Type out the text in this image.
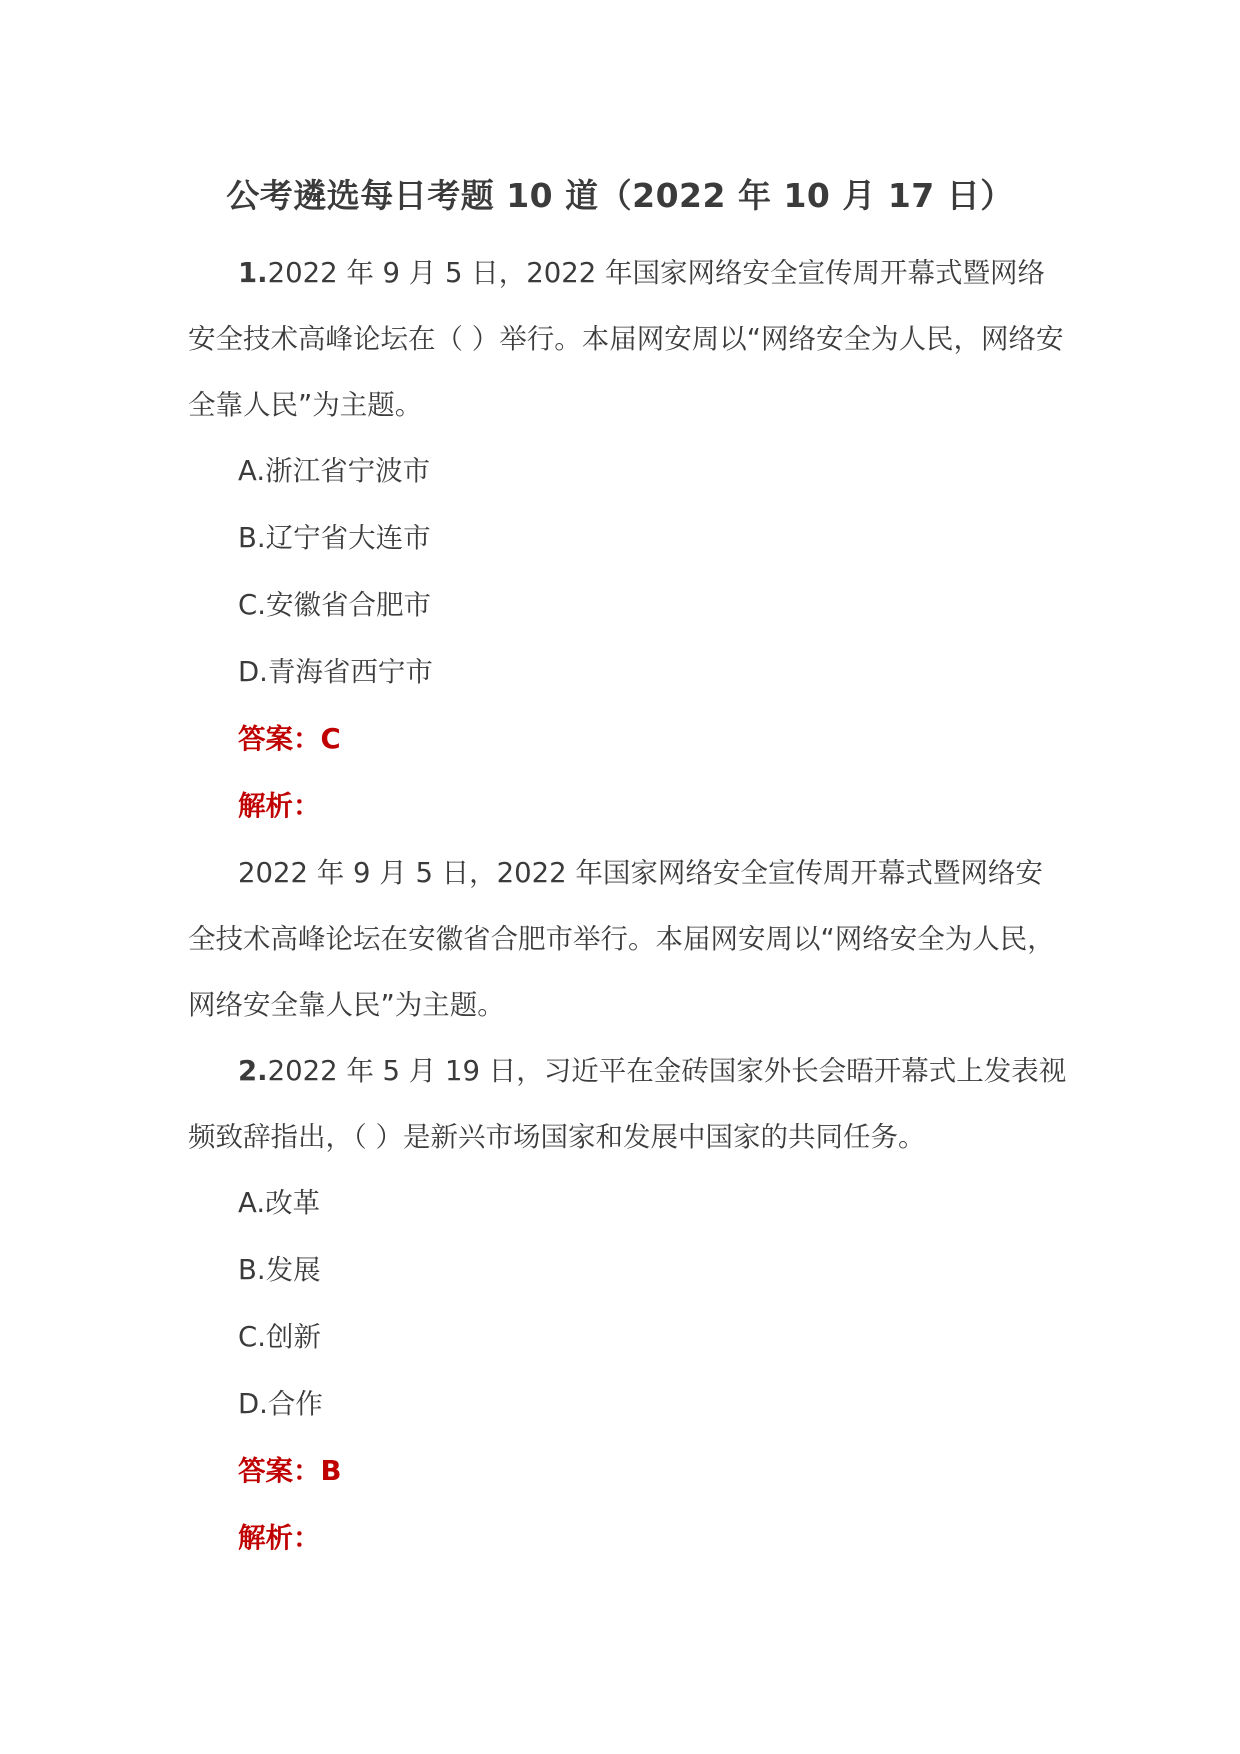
公考遴选每日考题 10 道（2022 年 10 月 17 日）

1.2022 年 9 月 5 日，2022 年国家网络安全宣传周开幕式暨网络安全技术高峰论坛在（ ）举行。本届网安周以“网络安全为人民，网络安全靠人民”为主题。

A.浙江省宁波市

B.辽宁省大连市

C.安徽省合肥市

D.青海省西宁市

答案：C

解析：

2022 年 9 月 5 日，2022 年国家网络安全宣传周开幕式暨网络安全技术高峰论坛在安徽省合肥市举行。本届网安周以“网络安全为人民，网络安全靠人民”为主题。

2.2022 年 5 月 19 日，习近平在金砖国家外长会晤开幕式上发表视频致辞指出，（ ）是新兴市场国家和发展中国家的共同任务。

A.改革

B.发展

C.创新

D.合作

答案：B

解析：
